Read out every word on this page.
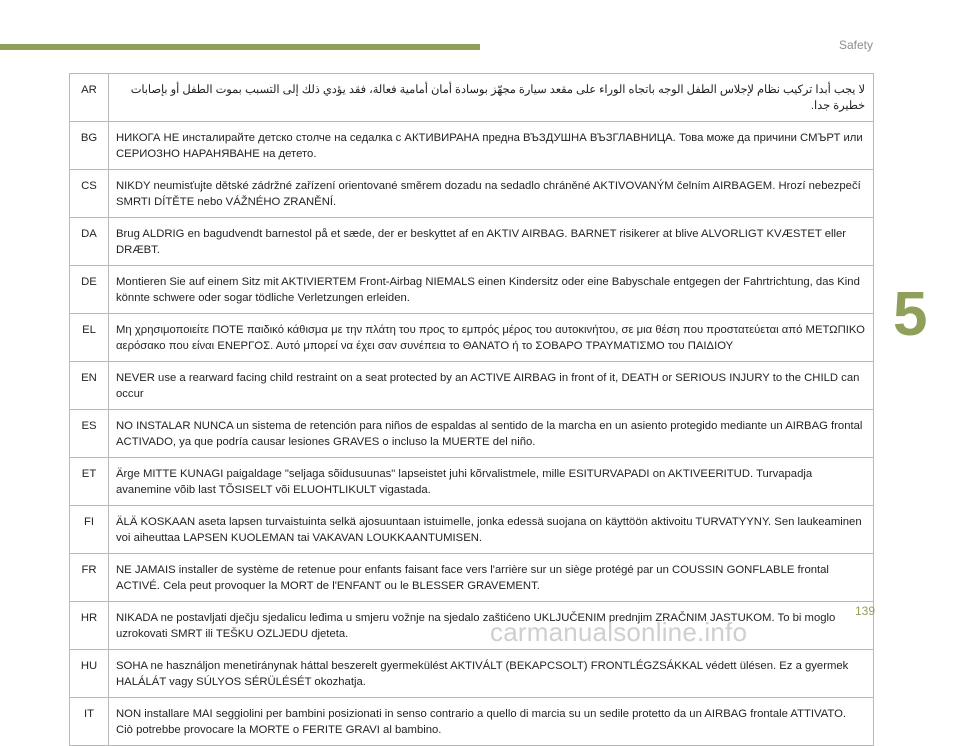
Safety
AR	لا يجب أبدا تركيب نظام لإجلاس الطفل الوجه باتجاه الوراء على مقعد سيارة مجهّز بوسادة أمان أمامية فعالة، فقد يؤدي ذلك إلى التسبب بموت الطفل أو بإصابات خطيرة جدا.
BG	НИКОГА НЕ инсталирайте детско столче на седалка с АКТИВИРАНА предна ВЪЗДУШНА ВЪЗГЛАВНИЦА. Това може да причини СМЪРТ или СЕРИОЗНО НАРАНЯВАНЕ на детето.
CS	NIKDY neumisťujte dětské zádržné zařízení orientované směrem dozadu na sedadlo chráněné AKTIVOVANÝM čelním AIRBAGEM. Hrozí nebezpečí SMRTI DÍTĚTE nebo VÁŽNÉHO ZRANĚNÍ.
DA	Brug ALDRIG en bagudvendt barnestol på et sæde, der er beskyttet af en AKTIV AIRBAG. BARNET risikerer at blive ALVORLIGT KVÆSTET eller DRÆBT.
DE	Montieren Sie auf einem Sitz mit AKTIVIERTEM Front-Airbag NIEMALS einen Kindersitz oder eine Babyschale entgegen der Fahrtrichtung, das Kind könnte schwere oder sogar tödliche Verletzungen erleiden.
EL	Μη χρησιμοποιείτε ΠΟΤΕ παιδικό κάθισμα με την πλάτη του προς το εμπρός μέρος του αυτοκινήτου, σε μια θέση που προστατεύεται από ΜΕΤΩΠΙΚΟ αερόσακο που είναι ΕΝΕΡΓΟΣ. Αυτό μπορεί να έχει σαν συνέπεια το ΘΑΝΑΤΟ ή το ΣΟΒΑΡΟ ΤΡΑΥΜΑΤΙΣΜΟ του ΠΑΙΔΙΟΥ
EN	NEVER use a rearward facing child restraint on a seat protected by an ACTIVE AIRBAG in front of it, DEATH or SERIOUS INJURY to the CHILD can occur
ES	NO INSTALAR NUNCA un sistema de retención para niños de espaldas al sentido de la marcha en un asiento protegido mediante un AIRBAG frontal ACTIVADO, ya que podría causar lesiones GRAVES o incluso la MUERTE del niño.
ET	Ärge MITTE KUNAGI paigaldage "seljaga sõidusuunas" lapseistet juhi kõrvalistmele, mille ESITURVAPADI on AKTIVEERITUD. Turvapadja avanemine võib last TÕSISELT või ELUOHTLIKULT vigastada.
FI	ÄLÄ KOSKAAN aseta lapsen turvaistuinta selkä ajosuuntaan istuimelle, jonka edessä suojana on käyttöön aktivoitu TURVATYYNY. Sen laukeaminen voi aiheuttaa LAPSEN KUOLEMAN tai VAKAVAN LOUKKAANTUMISEN.
FR	NE JAMAIS installer de système de retenue pour enfants faisant face vers l'arrière sur un siège protégé par un COUSSIN GONFLABLE frontal ACTIVÉ. Cela peut provoquer la MORT de l'ENFANT ou le BLESSER GRAVEMENT.
HR	NIKADA ne postavljati dječju sjedalicu leđima u smjeru vožnje na sjedalo zaštićeno UKLJUČENIM prednjim ZRAČNIM JASTUKOM. To bi moglo uzrokovati SMRT ili TEŠKU OZLJEDU djeteta.
HU	SOHA ne használjon menetiránynak háttal beszerelt gyermekülést AKTIVÁLT (BEKAPCSOLT) FRONTLÉGZSÁKKAL védett ülésen. Ez a gyermek HALÁLÁT vagy SÚLYOS SÉRÜLÉSÉT okozhatja.
IT	NON installare MAI seggiolini per bambini posizionati in senso contrario a quello di marcia su un sedile protetto da un AIRBAG frontale ATTIVATO. Ciò potrebbe provocare la MORTE o FERITE GRAVI al bambino.
5
139
carmanualsonline.info
